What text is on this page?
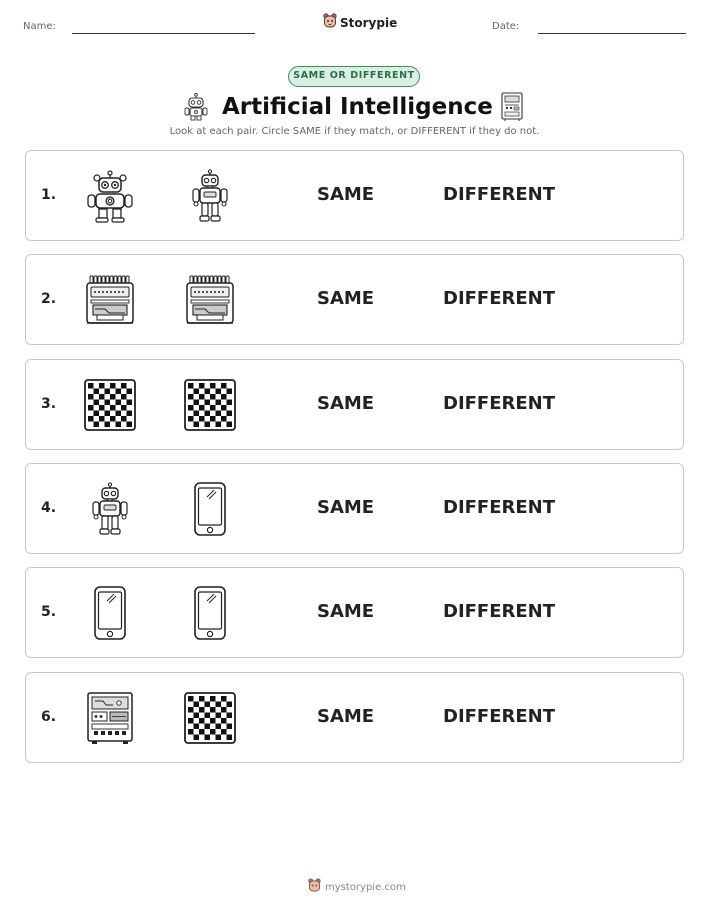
Name:	Storypie	Date:
SAME OR DIFFERENT
Artificial Intelligence
Look at each pair. Circle SAME if they match, or DIFFERENT if they do not.
1.	SAME	DIFFERENT
2.	SAME	DIFFERENT
3.	SAME	DIFFERENT
4.	SAME	DIFFERENT
5.	SAME	DIFFERENT
6.	SAME	DIFFERENT
mystorypie.com
